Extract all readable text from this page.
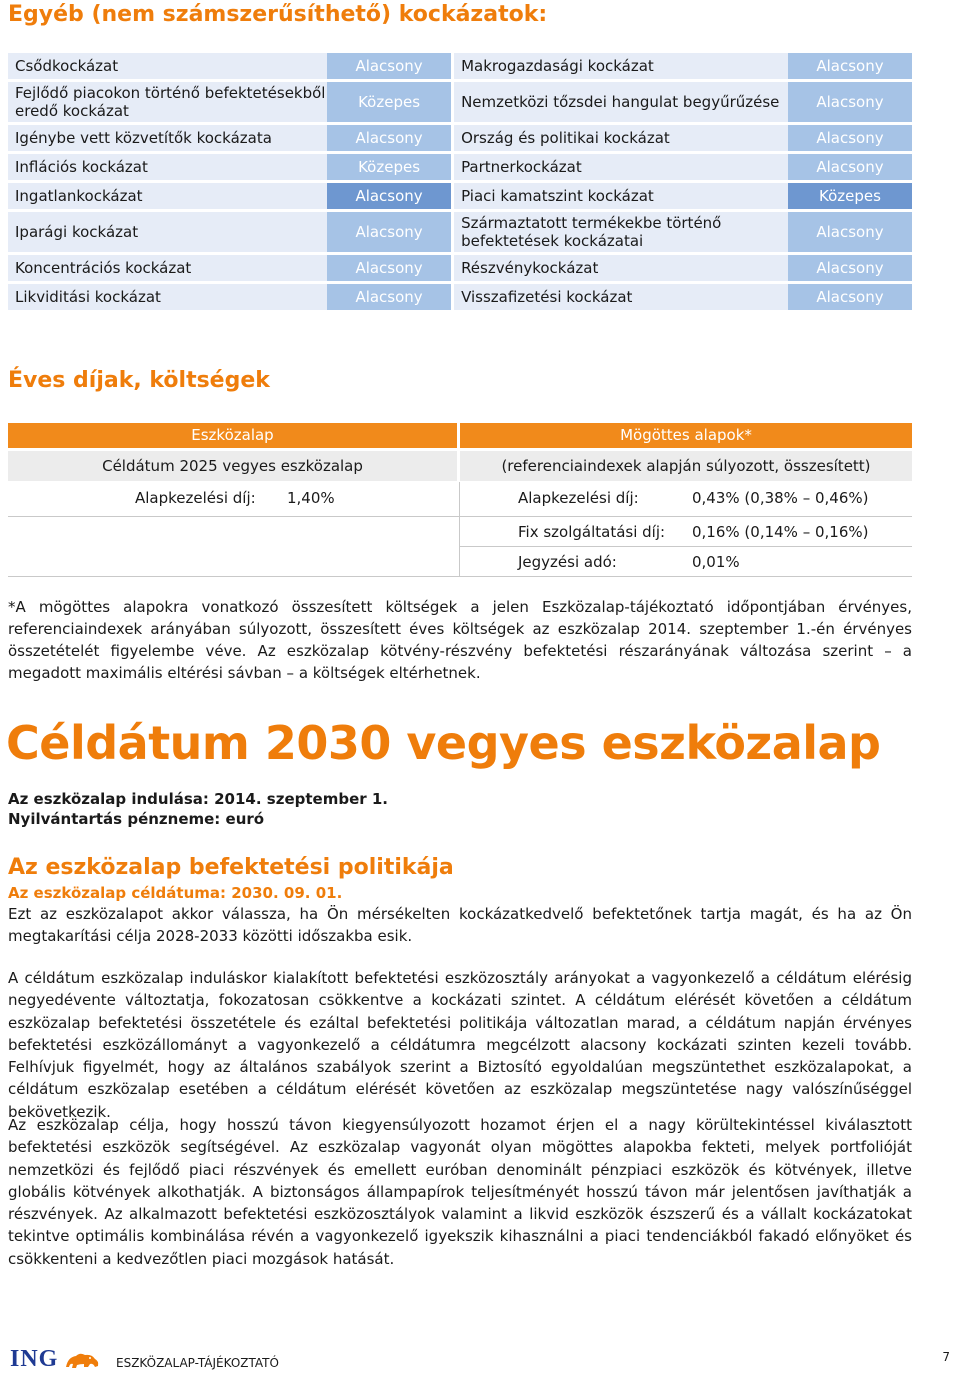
Egyéb (nem számszerűsíthető) kockázatok:
Csődkockázat	Alacsony	Makrogazdasági kockázat	Alacsony
Fejlődő piacokon történő befektetésekből eredő kockázat	Közepes	Nemzetközi tőzsdei hangulat begyűrűzése	Alacsony
Igénybe vett közvetítők kockázata	Alacsony	Ország és politikai kockázat	Alacsony
Inflációs kockázat	Közepes	Partnerkockázat	Alacsony
Ingatlankockázat	Alacsony	Piaci kamatszint kockázat	Közepes
Iparági kockázat	Alacsony	Származtatott termékekbe történő befektetések kockázatai	Alacsony
Koncentrációs kockázat	Alacsony	Részvénykockázat	Alacsony
Likviditási kockázat	Alacsony	Visszafizetési kockázat	Alacsony
Éves díjak, költségek
Eszközalap	Mögöttes alapok*
Céldátum 2025 vegyes eszközalap	(referenciaindexek alapján súlyozott, összesített)
Alapkezelési díj: 1,40%	Alapkezelési díj:	0,43% (0,38% – 0,46%)
Fix szolgáltatási díj: 0,16% (0,14% – 0,16%)
Jegyzési adó:	0,01%

*A mögöttes alapokra vonatkozó összesített költségek a jelen Eszközalap-tájékoztató időpontjában érvényes, referenciaindexek arányában súlyozott, összesített éves költségek az eszközalap 2014. szeptember 1.-én érvényes összetételét figyelembe véve. Az eszközalap kötvény-részvény befektetési részarányának változása szerint – a megadott maximális eltérési sávban – a költségek eltérhetnek.

Céldátum 2030 vegyes eszközalap
Az eszközalap indulása: 2014. szeptember 1.
Nyilvántartás pénzneme: euró
Az eszközalap befektetési politikája
Az eszközalap céldátuma: 2030. 09. 01.

Ezt az eszközalapot akkor válassza, ha Ön mérsékelten kockázatkedvelő befektetőnek tartja magát, és ha az Ön megtakarítási célja 2028-2033 közötti időszakba esik.

A céldátum eszközalap induláskor kialakított befektetési eszközosztály arányokat a vagyonkezelő a céldátum elérésig negyedévente változtatja, fokozatosan csökkentve a kockázati szintet. A céldátum elérését követően a céldátum eszközalap befektetési összetétele és ezáltal befektetési politikája változatlan marad, a céldátum napján érvényes befektetési eszközállományt a vagyonkezelő a céldátumra megcélzott alacsony kockázati szinten kezeli tovább. Felhívjuk figyelmét, hogy az általános szabályok szerint a Biztosító egyoldalúan megszüntethet eszközalapokat, a céldátum eszközalap esetében a céldátum elérését követően az eszközalap megszüntetése nagy valószínűséggel bekövetkezik.

Az eszközalap célja, hogy hosszú távon kiegyensúlyozott hozamot érjen el a nagy körültekintéssel kiválasztott befektetési eszközök segítségével. Az eszközalap vagyonát olyan mögöttes alapokba fekteti, melyek portfolióját nemzetközi és fejlődő piaci részvények és emellett euróban denominált pénzpiaci eszközök és kötvények, illetve globális kötvények alkothatják. A biztonságos állampapírok teljesítményét hosszú távon már jelentősen javíthatják a részvények. Az alkalmazott befektetési eszközosztályok valamint a likvid eszközök észszerű és a vállalt kockázatokat tekintve optimális kombinálása révén a vagyonkezelő igyekszik kihasználni a piaci tendenciákból fakadó előnyöket és csökkenteni a kedvezőtlen piaci mozgások hatását.

ING	ESZKÖZALAP-TÁJÉKOZTATÓ	7
